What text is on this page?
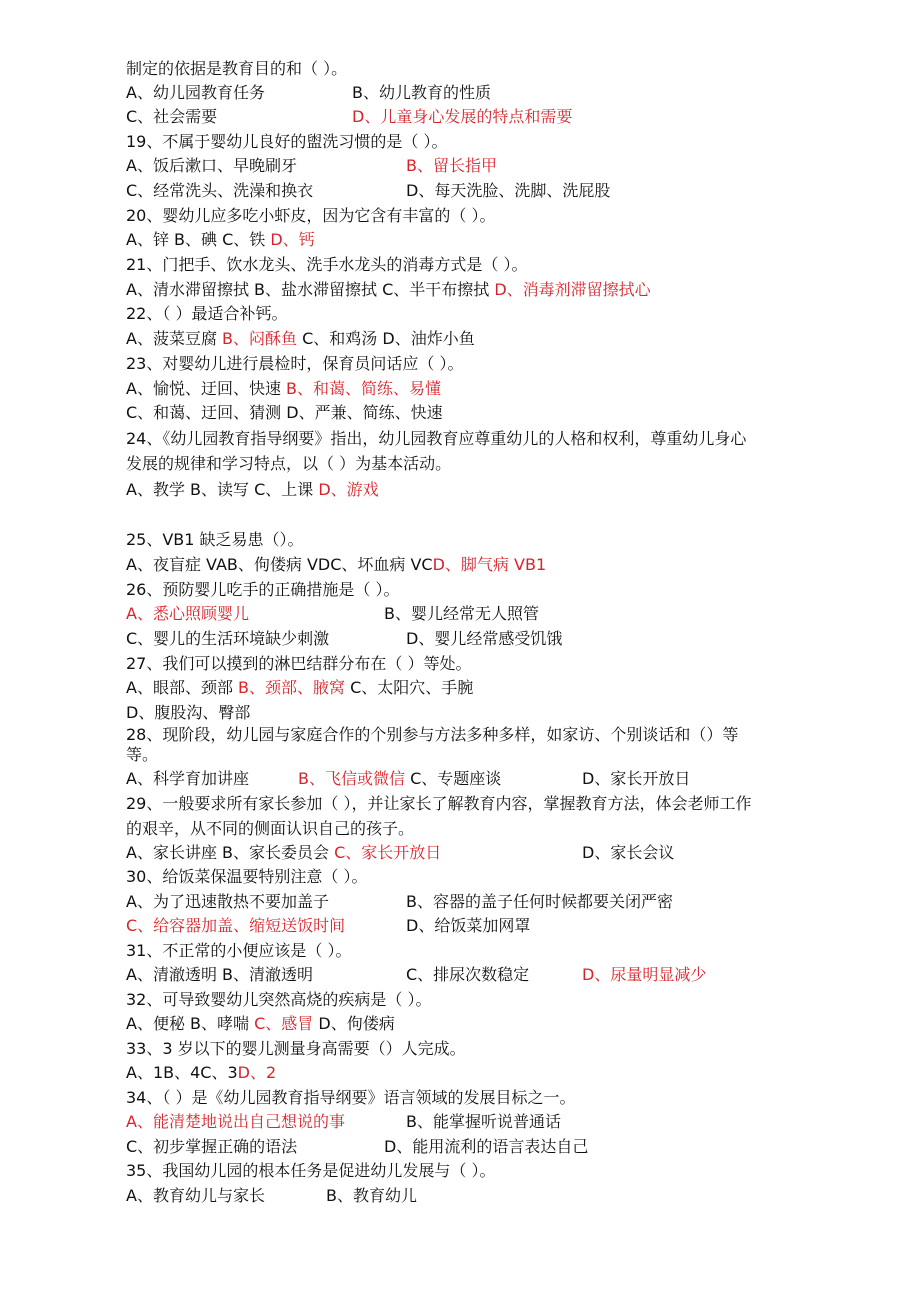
制定的依据是教育目的和（ ）。
A、幼儿园教育任务	B、幼儿教育的性质
C、社会需要	D、儿童身心发展的特点和需要
19、不属于婴幼儿良好的盥洗习惯的是（ ）。
A、饭后漱口、早晚刷牙	B、留长指甲
C、经常洗头、洗澡和换衣	D、每天洗脸、洗脚、洗屁股
20、婴幼儿应多吃小虾皮，因为它含有丰富的（ ）。
A、锌 B、碘 C、铁 D、钙
21、门把手、饮水龙头、洗手水龙头的消毒方式是（ ）。
A、清水滞留擦拭 B、盐水滞留擦拭 C、半干布擦拭 D、消毒剂滞留擦拭心
22、（ ）最适合补钙。
A、菠菜豆腐 B、闷酥鱼 C、和鸡汤 D、油炸小鱼
23、对婴幼儿进行晨检时，保育员问话应（ ）。
A、愉悦、迂回、快速 B、和蔼、简练、易懂
C、和蔼、迂回、猜测 D、严兼、简练、快速
24、《幼儿园教育指导纲要》指出，幼儿园教育应尊重幼儿的人格和权利，尊重幼儿身心
发展的规律和学习特点，以（ ）为基本活动。
A、教学 B、读写 C、上课 D、游戏
25、VB1 缺乏易患（）。
A、夜盲症 VAB、佝偻病 VDC、坏血病 VCD、脚气病 VB1
26、预防婴儿吃手的正确措施是（ ）。
A、悉心照顾婴儿	B、婴儿经常无人照管
C、婴儿的生活环境缺少刺激	D、婴儿经常感受饥饿
27、我们可以摸到的淋巴结群分布在（ ）等处。
A、眼部、颈部 B、颈部、腋窝 C、太阳穴、手腕
D、腹股沟、臀部
28、现阶段，幼儿园与家庭合作的个别参与方法多种多样，如家访、个别谈话和（）等
等。
A、科学育加讲座	B、飞信或微信 C、专题座谈	D、家长开放日
29、一般要求所有家长参加（ ），并让家长了解教育内容，掌握教育方法，体会老师工作
的艰辛，从不同的侧面认识自己的孩子。
A、家长讲座 B、家长委员会 C、家长开放日	D、家长会议
30、给饭菜保温要特别注意（ ）。
A、为了迅速散热不要加盖子	B、容器的盖子任何时候都要关闭严密
C、给容器加盖、缩短送饭时间	D、给饭菜加网罩
31、不正常的小便应该是（ ）。
A、清澈透明 B、清澈透明	C、排尿次数稳定	D、尿量明显减少
32、可导致婴幼儿突然高烧的疾病是（ ）。
A、便秘 B、哮喘 C、感冒 D、佝偻病
33、3 岁以下的婴儿测量身高需要（）人完成。
A、1B、4C、3D、2
34、（ ）是《幼儿园教育指导纲要》语言领域的发展目标之一。
A、能清楚地说出自己想说的事	B、能掌握听说普通话
C、初步掌握正确的语法	D、能用流利的语言表达自己
35、我国幼儿园的根本任务是促进幼儿发展与（ ）。
A、教育幼儿与家长	B、教育幼儿
